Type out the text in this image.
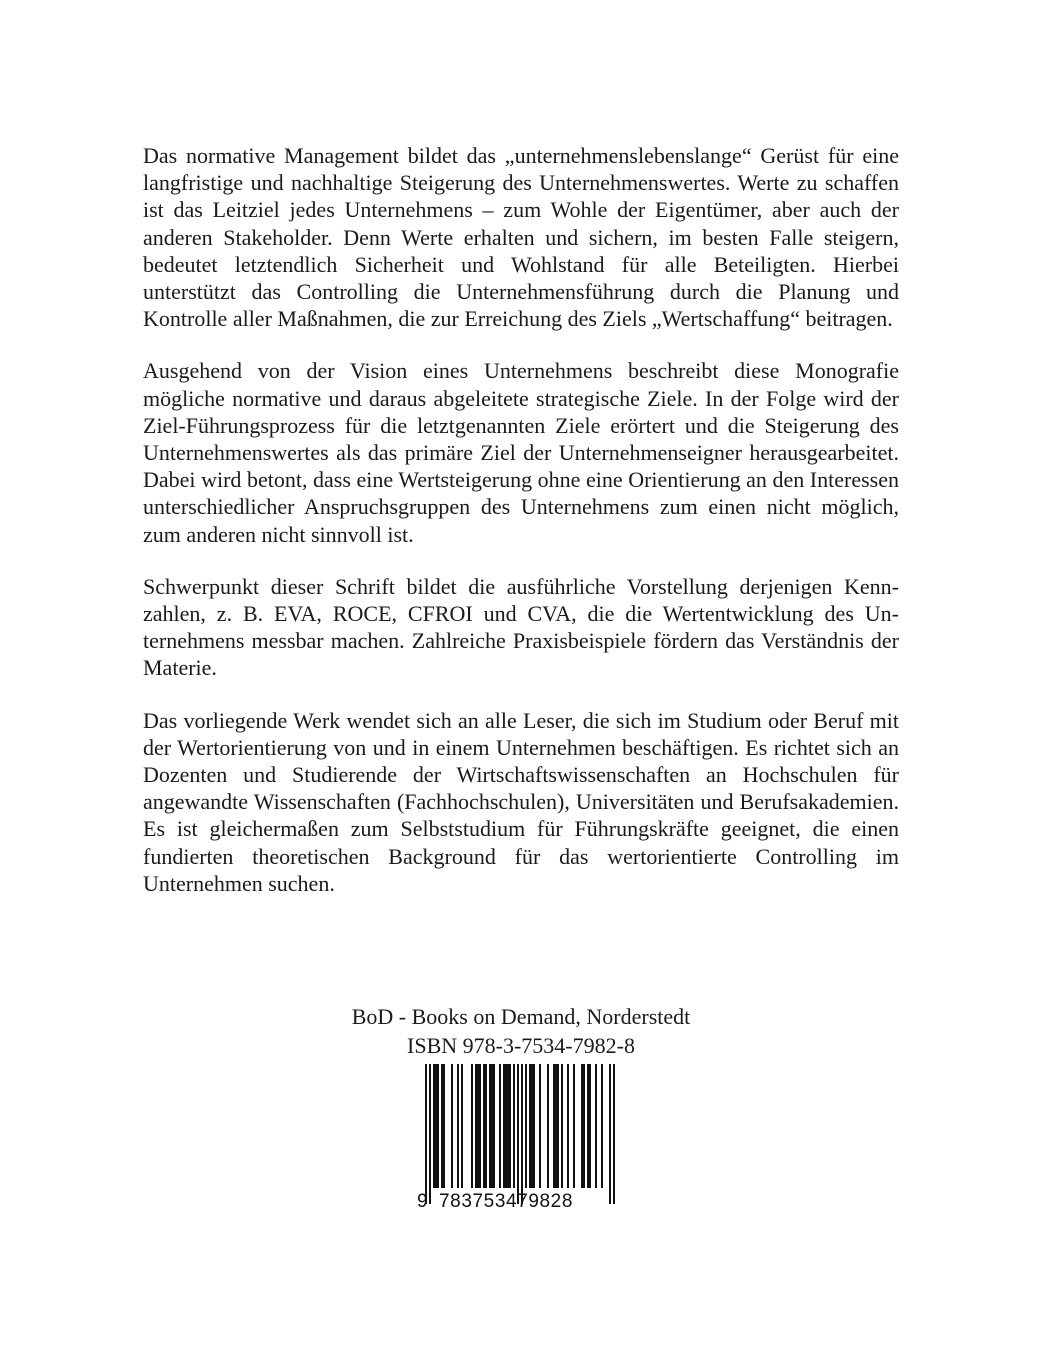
Das normative Management bildet das „unternehmenslebenslange“ Gerüst für eine langfristige und nachhaltige Steigerung des Unternehmenswertes. Werte zu schaffen ist das Leitziel jedes Unternehmens – zum Wohle der Eigentümer, aber auch der anderen Stakeholder. Denn Werte erhalten und sichern, im besten Falle steigern, bedeutet letztendlich Sicherheit und Wohlstand für alle Beteiligten. Hierbei unterstützt das Controlling die Unternehmensführung durch die Planung und Kontrolle aller Maßnahmen, die zur Erreichung des Ziels „Wertschaffung“ beitragen.

Ausgehend von der Vision eines Unternehmens beschreibt diese Monografie mögliche normative und daraus abgeleitete strategische Ziele. In der Folge wird der Ziel-Führungsprozess für die letztgenannten Ziele erörtert und die Steigerung des Unternehmenswertes als das primäre Ziel der Unternehmenseigner herausgearbeitet. Dabei wird betont, dass eine Wertsteigerung ohne eine Orientierung an den Interessen unterschiedlicher Anspruchsgruppen des Unternehmens zum einen nicht möglich, zum anderen nicht sinnvoll ist.

Schwerpunkt dieser Schrift bildet die ausführliche Vorstellung derjenigen Kennzahlen, z. B. EVA, ROCE, CFROI und CVA, die die Wertentwicklung des Unternehmens messbar machen. Zahlreiche Praxisbeispiele fördern das Verständnis der Materie.

Das vorliegende Werk wendet sich an alle Leser, die sich im Studium oder Beruf mit der Wertorientierung von und in einem Unternehmen beschäftigen. Es richtet sich an Dozenten und Studierende der Wirtschaftswissenschaften an Hochschulen für angewandte Wissenschaften (Fachhochschulen), Universitäten und Berufsakademien. Es ist gleichermaßen zum Selbststudium für Führungskräfte geeignet, die einen fundierten theoretischen Background für das wertorientierte Controlling im Unternehmen suchen.

BoD - Books on Demand, Norderstedt
ISBN 978-3-7534-7982-8
9 783753479828
